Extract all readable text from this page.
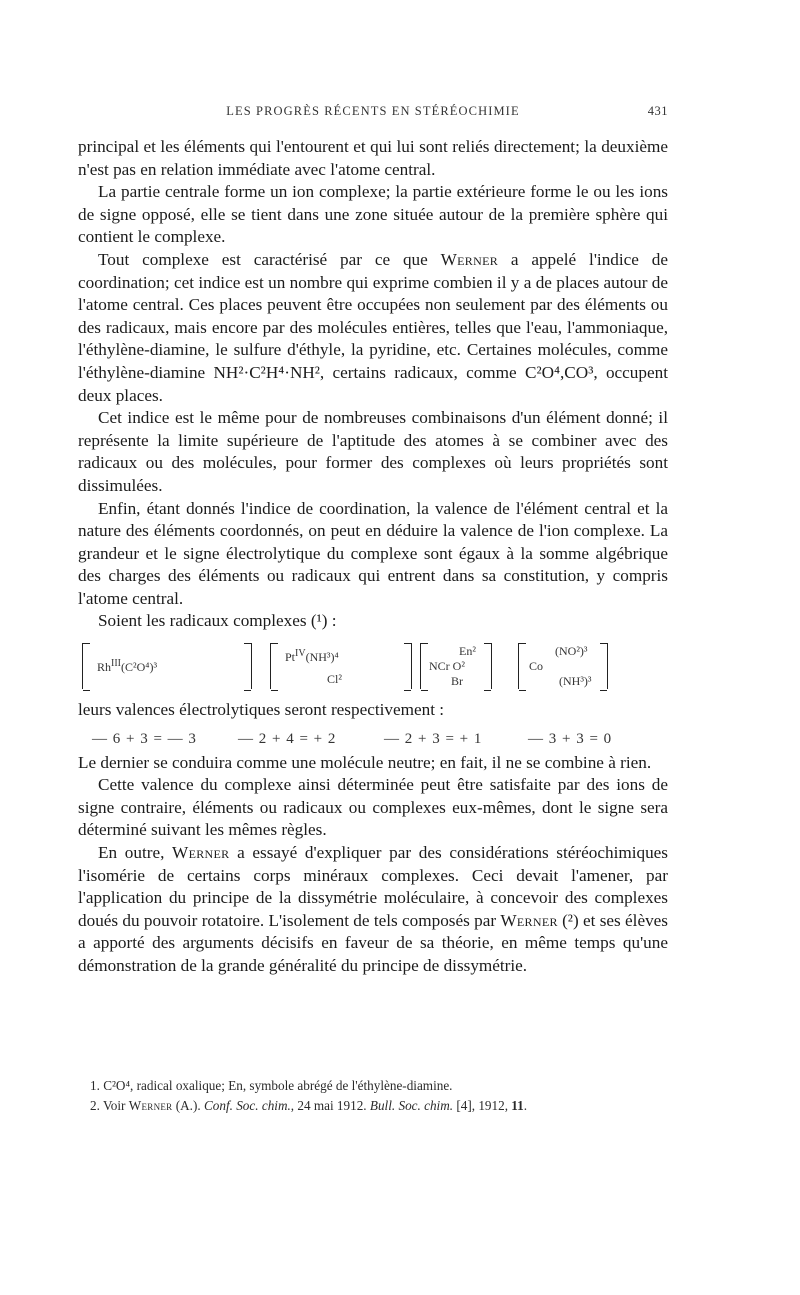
LES PROGRÈS RÉCENTS EN STÉRÉOCHIMIE	431

principal et les éléments qui l'entourent et qui lui sont reliés directement; la deuxième n'est pas en relation immédiate avec l'atome central.

La partie centrale forme un ion complexe; la partie extérieure forme le ou les ions de signe opposé, elle se tient dans une zone située autour de la première sphère qui contient le complexe.

Tout complexe est caractérisé par ce que Werner a appelé l'indice de coordination; cet indice est un nombre qui exprime combien il y a de places autour de l'atome central. Ces places peuvent être occupées non seulement par des éléments ou des radicaux, mais encore par des molécules entières, telles que l'eau, l'ammoniaque, l'éthylène-diamine, le sulfure d'éthyle, la pyridine, etc. Certaines molécules, comme l'éthylène-diamine NH²·C²H⁴·NH², certains radicaux, comme C²O⁴,CO³, occupent deux places.

Cet indice est le même pour de nombreuses combinaisons d'un élément donné; il représente la limite supérieure de l'aptitude des atomes à se combiner avec des radicaux ou des molécules, pour former des complexes où leurs propriétés sont dissimulées.

Enfin, étant donnés l'indice de coordination, la valence de l'élément central et la nature des éléments coordonnés, on peut en déduire la valence de l'ion complexe. La grandeur et le signe électrolytique du complexe sont égaux à la somme algébrique des charges des éléments ou radicaux qui entrent dans sa constitution, y compris l'atome central.

Soient les radicaux complexes (¹) :

$Rh^{III}(C^2O^4)^3$
$Pt^{IV}(NH^3)^4$
Cl²
En²
NCr O²
Br
(NO²)³
Co
(NH³)³

leurs valences électrolytiques seront respectivement :

— 6 + 3 = — 3	— 2 + 4 = + 2	— 2 + 3 = + 1	— 3 + 3 = 0

Le dernier se conduira comme une molécule neutre; en fait, il ne se combine à rien.

Cette valence du complexe ainsi déterminée peut être satisfaite par des ions de signe contraire, éléments ou radicaux ou complexes eux-mêmes, dont le signe sera déterminé suivant les mêmes règles.

En outre, Werner a essayé d'expliquer par des considérations stéréochimiques l'isomérie de certains corps minéraux complexes. Ceci devait l'amener, par l'application du principe de la dissymétrie moléculaire, à concevoir des complexes doués du pouvoir rotatoire. L'isolement de tels composés par Werner (²) et ses élèves a apporté des arguments décisifs en faveur de sa théorie, en même temps qu'une démonstration de la grande généralité du principe de dissymétrie.

1. C²O⁴, radical oxalique; En, symbole abrégé de l'éthylène-diamine.
2. Voir Werner (A.). Conf. Soc. chim., 24 mai 1912. Bull. Soc. chim. [4], 1912, 11.
